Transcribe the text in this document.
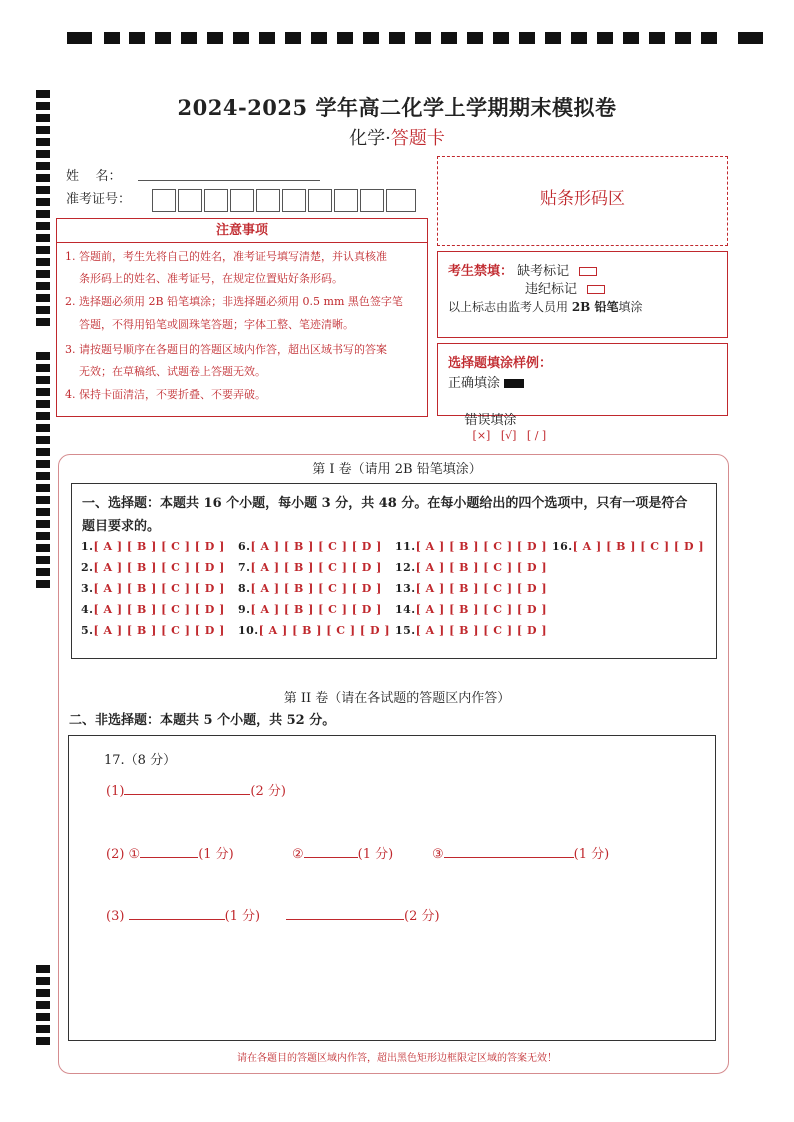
2024-2025 学年高二化学上学期期末模拟卷
化学·答题卡
姓    名：
准考证号：
注意事项
1. 答题前，考生先将自己的姓名，准考证号填写清楚，并认真核准
条形码上的姓名、准考证号，在规定位置贴好条形码。
2. 选择题必须用 2B 铅笔填涂；非选择题必须用 0.5 mm 黑色签字笔
答题，不得用铅笔或圆珠笔答题；字体工整、笔迹清晰。
3. 请按题号顺序在各题目的答题区域内作答，超出区域书写的答案
无效；在草稿纸、试题卷上答题无效。
4. 保持卡面清洁，不要折叠、不要弄破。
贴条形码区
考生禁填： 缺考标记
违纪标记
以上标志由监考人员用 2B 铅笔填涂
选择题填涂样例：
正确填涂

错误填涂
[×]   [√]   [ / ]

第 I 卷（请用 2B 铅笔填涂）
一、选择题：本题共 16 个小题，每小题 3 分，共 48 分。在每小题给出的四个选项中，只有一项是符合
题目要求的。
1.[ A ] [ B ] [ C ] [ D ]
2.[ A ] [ B ] [ C ] [ D ]
3.[ A ] [ B ] [ C ] [ D ]
4.[ A ] [ B ] [ C ] [ D ]
5.[ A ] [ B ] [ C ] [ D ]
6.[ A ] [ B ] [ C ] [ D ]
7.[ A ] [ B ] [ C ] [ D ]
8.[ A ] [ B ] [ C ] [ D ]
9.[ A ] [ B ] [ C ] [ D ]
10.[ A ] [ B ] [ C ] [ D ]
11.[ A ] [ B ] [ C ] [ D ]
12.[ A ] [ B ] [ C ] [ D ]
13.[ A ] [ B ] [ C ] [ D ]
14.[ A ] [ B ] [ C ] [ D ]
15.[ A ] [ B ] [ C ] [ D ]
16.[ A ] [ B ] [ C ] [ D ]
第 II 卷（请在各试题的答题区内作答）
二、非选择题：本题共 5 个小题，共 52 分。
17.（8 分）
(1)	(2 分)
(2) ①	(1 分)	②	(1 分)	③	(1 分)
(3)	(1 分)	(2 分)
请在各题目的答题区域内作答，超出黑色矩形边框限定区域的答案无效！
